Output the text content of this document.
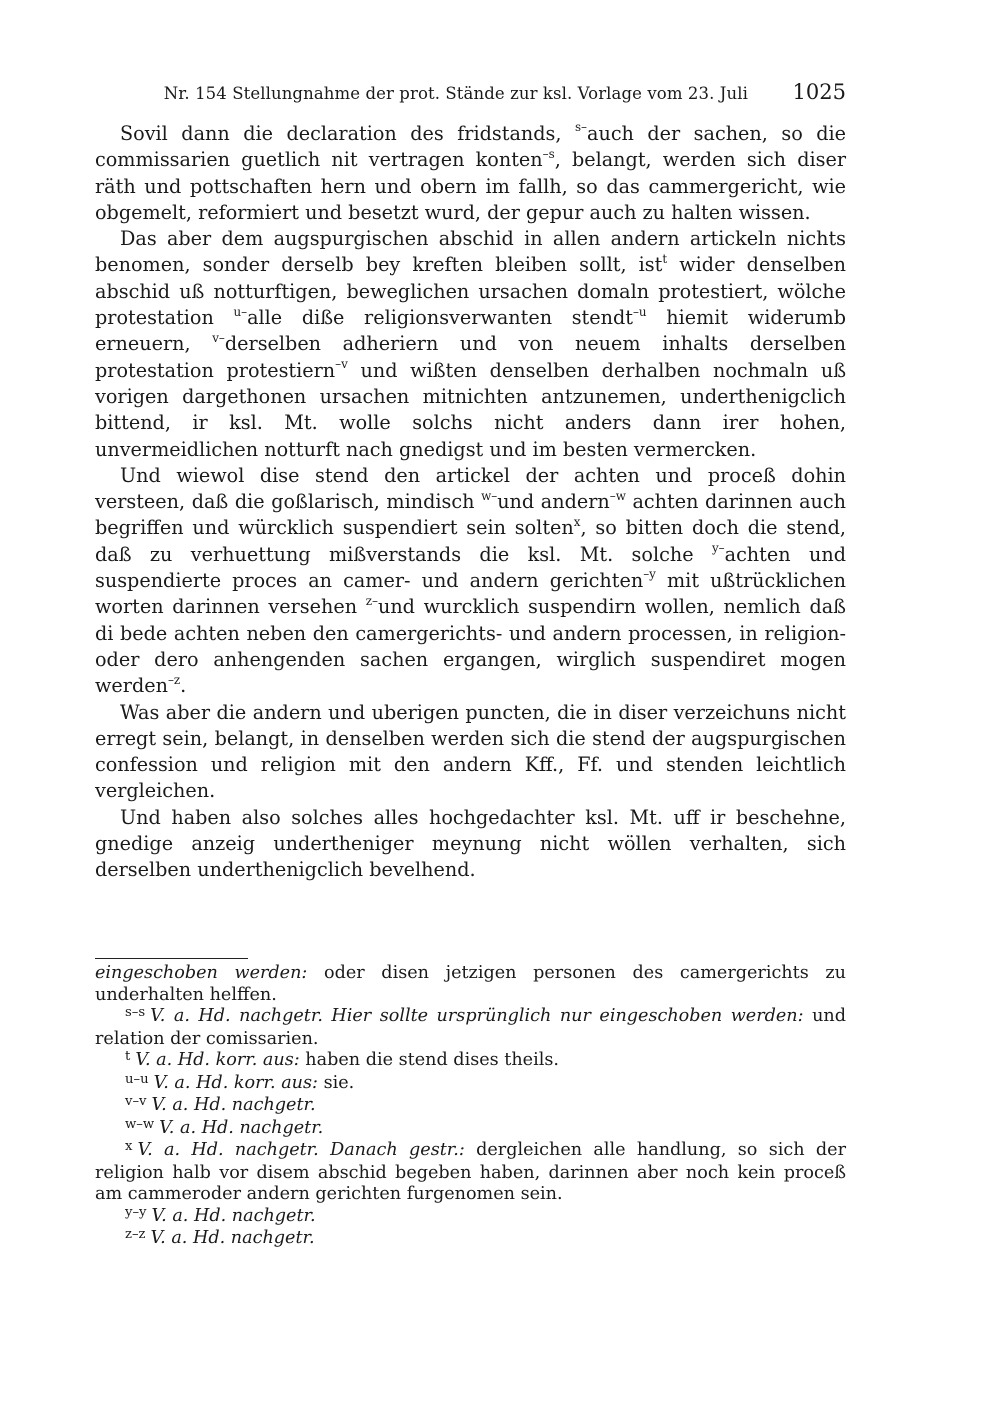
Nr. 154 Stellungnahme der prot. Stände zur ksl. Vorlage vom 23. Juli 1025

Sovil dann die declaration des fridstands, $^{s-}$auch der sachen, so die commissarien guetlich nit vertragen konten$^{-s}$, belangt, werden sich diser räth und pottschaften hern und obern im fallh, so das cammergericht, wie obgemelt, reformiert und besetzt wurd, der gepur auch zu halten wissen.

Das aber dem augspurgischen abschid in allen andern artickeln nichts benomen, sonder derselb bey kreften bleiben sollt, ist$^t$ wider denselben abschid uß notturftigen, beweglichen ursachen domaln protestiert, wölche protestation $^{u-}$alle diße religionsverwanten stendt$^{-u}$ hiemit widerumb erneuern, $^{v-}$derselben adheriern und von neuem inhalts derselben protestation protestiern$^{-v}$ und wißten denselben derhalben nochmaln uß vorigen dargethonen ursachen mitnichten antzunemen, underthenigclich bittend, ir ksl. Mt. wolle solchs nicht anders dann irer hohen, unvermeidlichen notturft nach gnedigst und im besten vermercken.

Und wiewol dise stend den artickel der achten und proceß dohin versteen, daß die goßlarisch, mindisch $^{w-}$und andern$^{-w}$ achten darinnen auch begriffen und würcklich suspendiert sein solten$^x$, so bitten doch die stend, daß zu verhuettung mißverstands die ksl. Mt. solche $^{y-}$achten und suspendierte proces an camer- und andern gerichten$^{-y}$ mit ußtrücklichen worten darinnen versehen $^{z-}$und wurcklich suspendirn wollen, nemlich daß di bede achten neben den camergerichts- und andern processen, in religion- oder dero anhengenden sachen ergangen, wirglich suspendiret mogen werden$^{-z}$.

Was aber die andern und uberigen puncten, die in diser verzeichuns nicht erregt sein, belangt, in denselben werden sich die stend der augspurgischen confession und religion mit den andern Kff., Ff. und stenden leichtlich vergleichen.

Und haben also solches alles hochgedachter ksl. Mt. uff ir beschehne, gnedige anzeig undertheniger meynung nicht wöllen verhalten, sich derselben underthenigclich bevelhend.

eingeschoben werden: oder disen jetzigen personen des camergerichts zu underhalten helffen.

$^{s-s}$ V. a. Hd. nachgetr. Hier sollte ursprünglich nur eingeschoben werden: und relation der comissarien.

$^t$ V. a. Hd. korr. aus: haben die stend dises theils.

$^{u-u}$ V. a. Hd. korr. aus: sie.

$^{v-v}$ V. a. Hd. nachgetr.

$^{w-w}$ V. a. Hd. nachgetr.

$^x$ V. a. Hd. nachgetr. Danach gestr.: dergleichen alle handlung, so sich der religion halb vor disem abschid begeben haben, darinnen aber noch kein proceß am cammeroder andern gerichten furgenomen sein.

$^{y-y}$ V. a. Hd. nachgetr.

$^{z-z}$ V. a. Hd. nachgetr.
